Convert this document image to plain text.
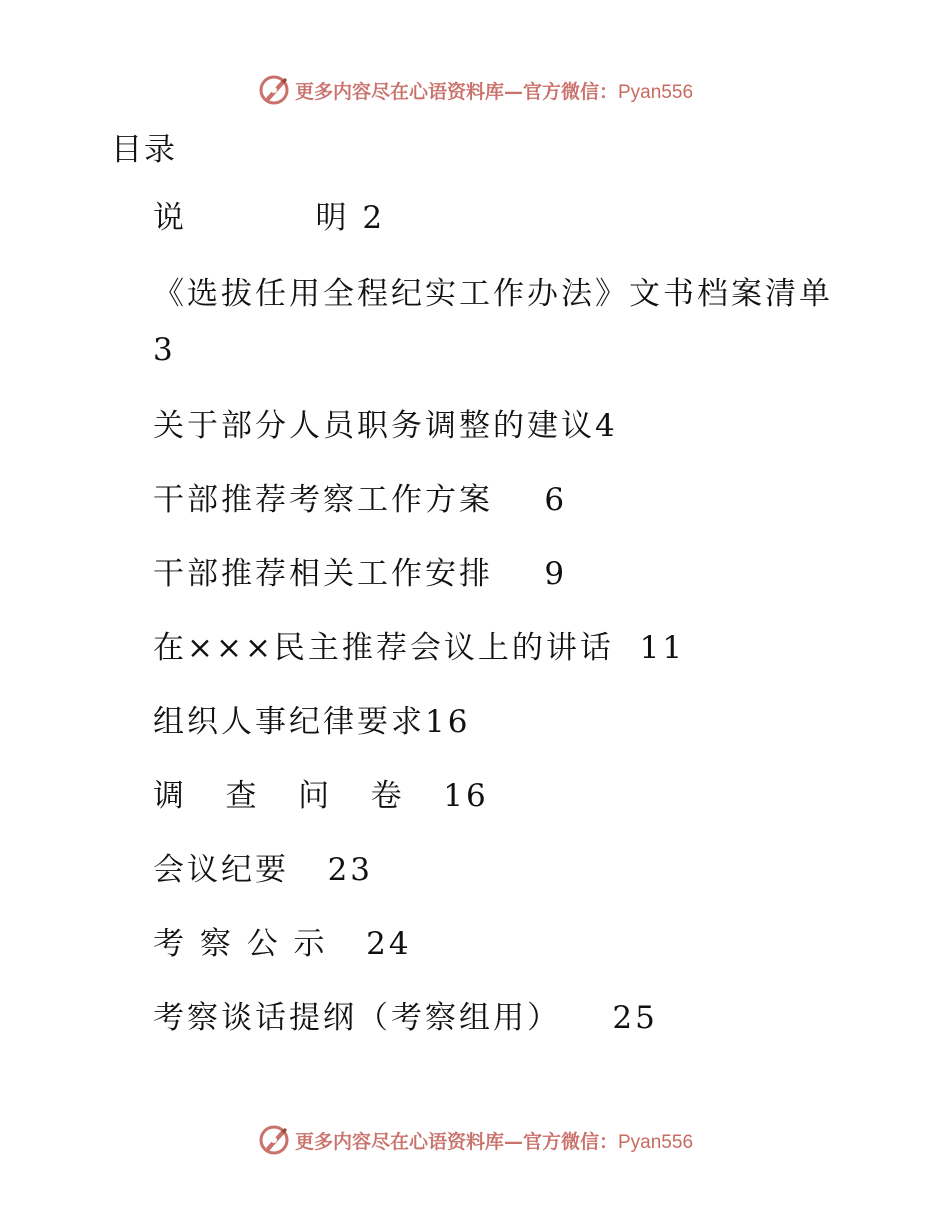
更多内容尽在心语资料库—官方微信：Pyan556
目录
说          明 2
《选拔任用全程纪实工作办法》文书档案清单
3
关于部分人员职务调整的建议4
干部推荐考察工作方案    6
干部推荐相关工作安排    9
在×××民主推荐会议上的讲话  11
组织人事纪律要求16
调   查   问   卷   16
会议纪要   23
考 察 公 示   24
考察谈话提纲（考察组用）    25
更多内容尽在心语资料库—官方微信：Pyan556
